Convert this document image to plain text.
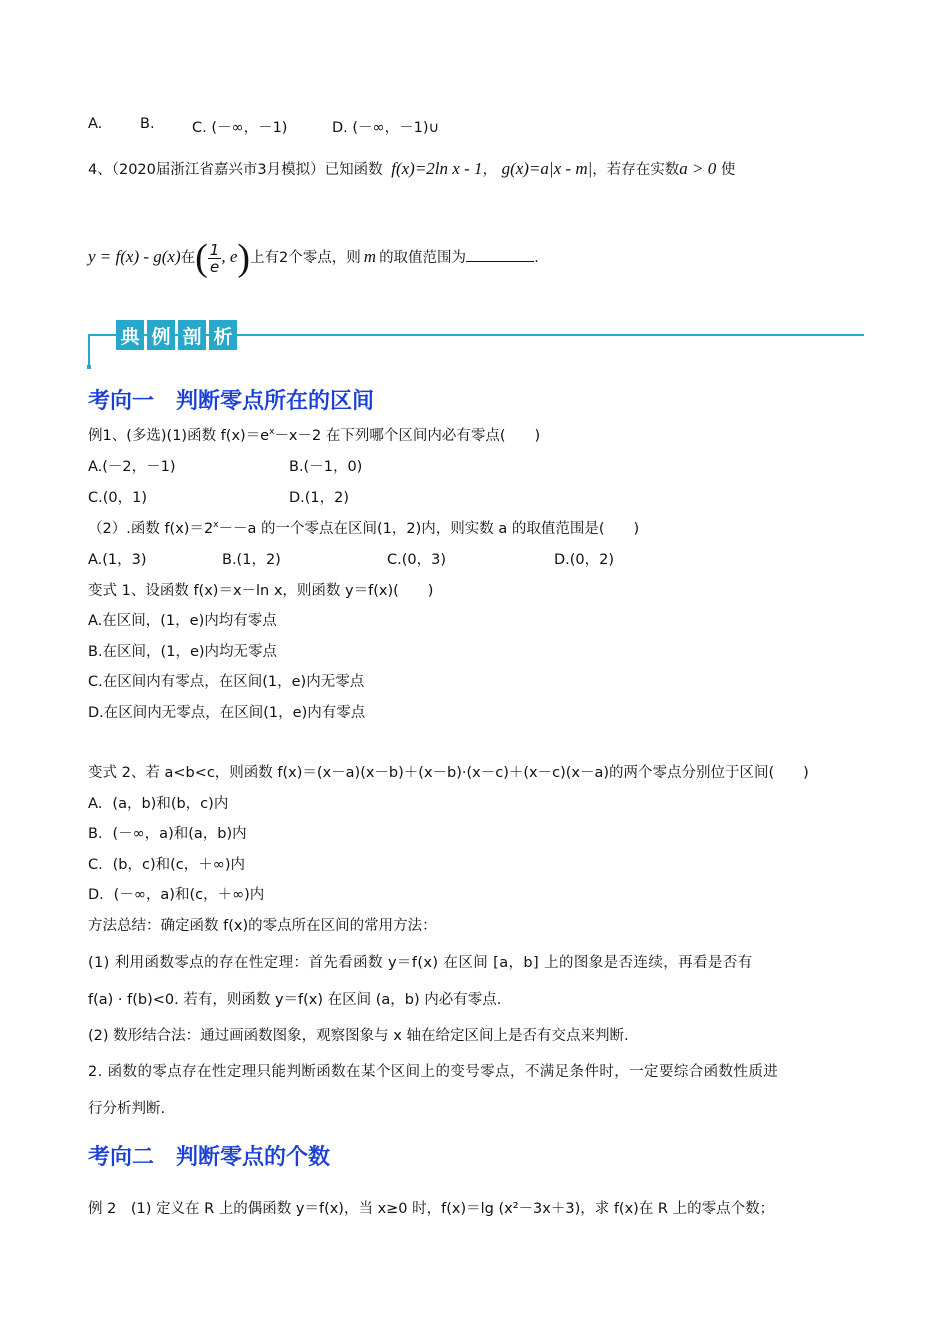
A.	B.	C. (－∞，－1)	D. (－∞，－1)∪
4、（2020届浙江省嘉兴市3月模拟）已知函数 f(x)=2ln x - 1， g(x)=a|x - m|，若存在实数a > 0 使
y = f(x) - g(x)在( $\frac{1}{e}$ , e)上有2个零点，则 m 的取值范围为	.
典 例 剖 析
考向一　判断零点所在的区间
例1、(多选)(1)函数 $f(x)=e^x-x-2$ 在下列哪个区间内必有零点(　　)
A.(－2，－1)	B.(－1，0)
C.(0，1)	D.(1，2)
（2）.函数 $f(x)=2^x--a$ 的一个零点在区间(1，2)内，则实数 a 的取值范围是(　　)
A.(1，3)	B.(1，2)	C.(0，3)	D.(0，2)
变式 1、设函数 f(x)＝x－ln x，则函数 y＝f(x)(　　)
A.在区间，(1，e)内均有零点
B.在区间，(1，e)内均无零点
C.在区间内有零点，在区间(1，e)内无零点
D.在区间内无零点，在区间(1，e)内有零点
变式 2、若 a<b<c，则函数 f(x)＝(x－a)(x－b)＋(x－b)·(x－c)＋(x－c)(x－a)的两个零点分别位于区间(　　)
A．(a，b)和(b，c)内
B．(－∞，a)和(a，b)内
C．(b，c)和(c，＋∞)内
D．(－∞，a)和(c，＋∞)内
方法总结：确定函数 f(x)的零点所在区间的常用方法：
(1) 利用函数零点的存在性定理：首先看函数 y＝f(x) 在区间 [a，b] 上的图象是否连续，再看是否有
f(a) · f(b)<0. 若有，则函数 y＝f(x) 在区间 (a，b) 内必有零点.
(2) 数形结合法：通过画函数图象，观察图象与 x 轴在给定区间上是否有交点来判断.
2. 函数的零点存在性定理只能判断函数在某个区间上的变号零点，不满足条件时，一定要综合函数性质进
行分析判断.
考向二　判断零点的个数
例 2　(1) 定义在 R 上的偶函数 y＝f(x)，当 x≥0 时，f(x)＝lg (x²－3x＋3)，求 f(x)在 R 上的零点个数；
